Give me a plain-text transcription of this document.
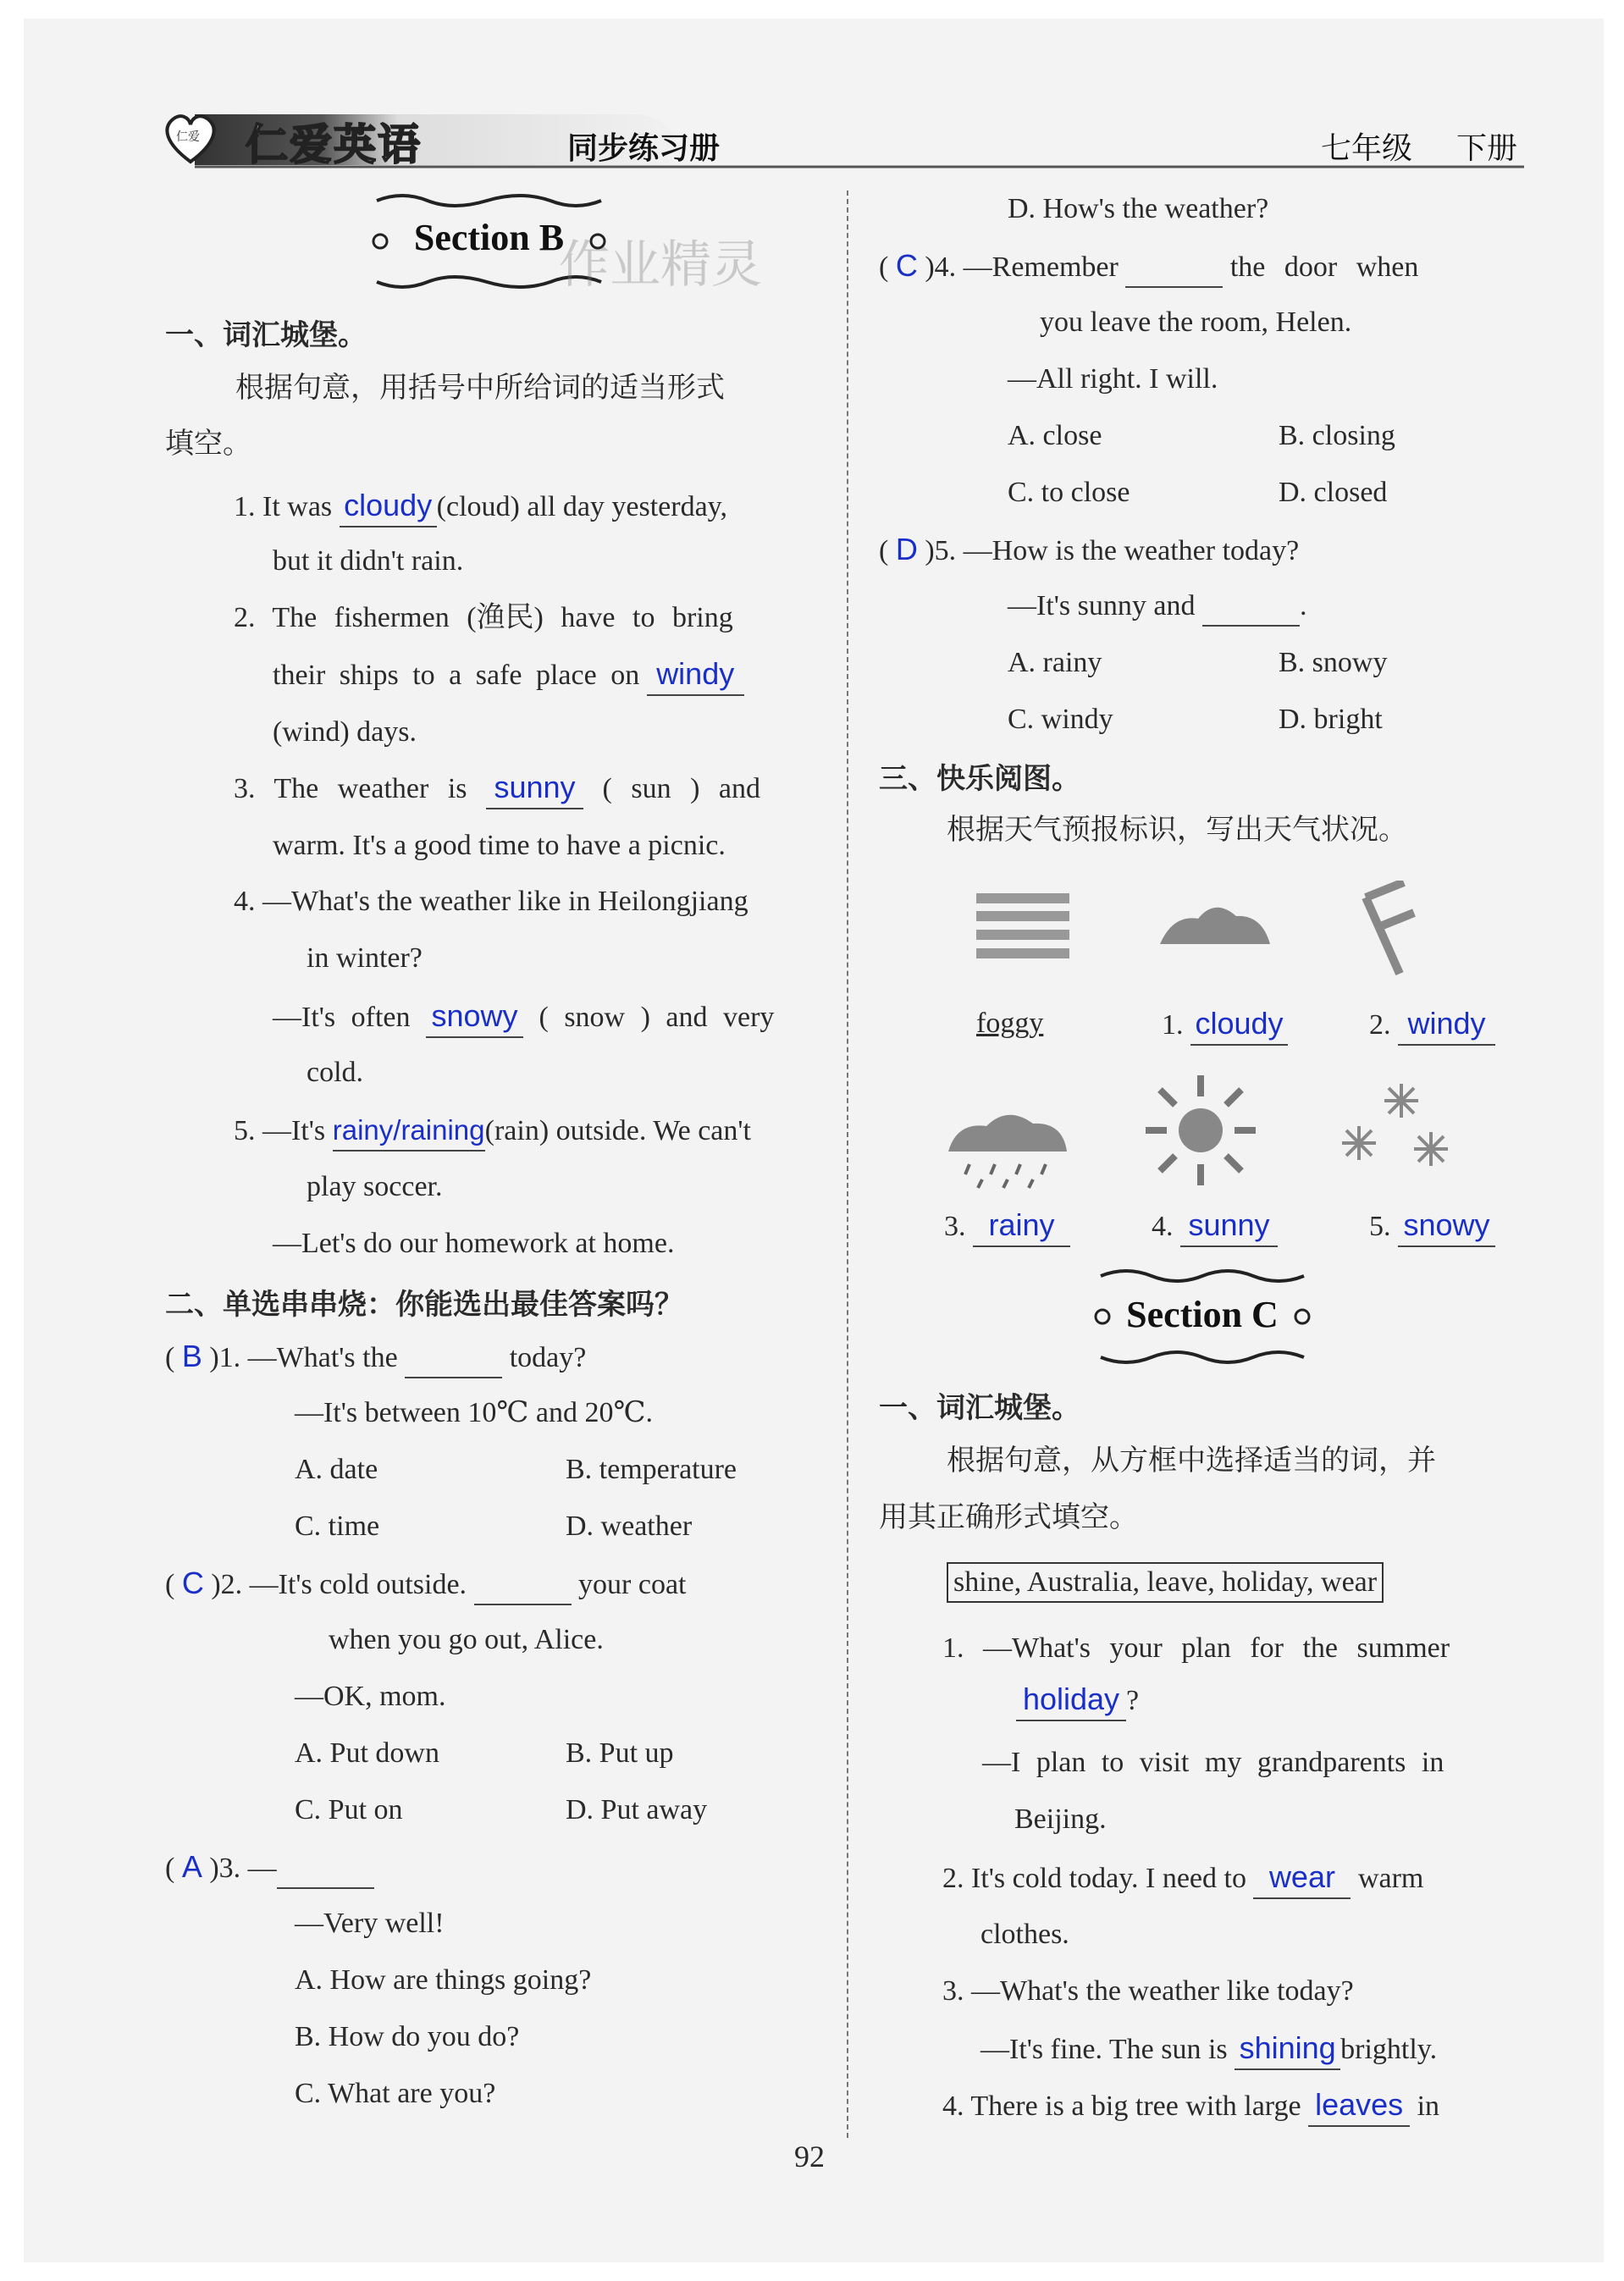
仁爱 仁爱英语	同步练习册	七年级 下册
Section B
作业精灵
一、词汇城堡。
根据句意，用括号中所给词的适当形式
填空。
1. It was cloudy (cloud) all day yesterday,
but it didn't rain.
2. The fishermen (渔民) have to bring
their ships to a safe place on windy
(wind) days.
3. The weather is sunny ( sun ) and
warm. It's a good time to have a picnic.
4. —What's the weather like in Heilongjiang
in winter?
—It's often snowy ( snow ) and very
cold.
5. —It's rainy/raining(rain) outside. We can't
play soccer.
—Let's do our homework at home.
二、单选串串烧：你能选出最佳答案吗？
( B )1. —What's the	today?
—It's between 10℃ and 20℃.
A. date	B. temperature
C. time	D. weather
( C )2. —It's cold outside.	your coat
when you go out, Alice.
—OK, mom.
A. Put down	B. Put up
C. Put on	D. Put away
( A )3. —
—Very well!
A. How are things going?
B. How do you do?
C. What are you?
D. How's the weather?
( C )4. —Remember	the door when
you leave the room, Helen.
—All right. I will.
A. close	B. closing
C. to close	D. closed
( D )5. —How is the weather today?
—It's sunny and	.
A. rainy	B. snowy
C. windy	D. bright
三、快乐阅图。
根据天气预报标识，写出天气状况。
foggy	1. cloudy	2. windy
3. rainy	4. sunny	5. snowy
Section C
一、词汇城堡。
根据句意，从方框中选择适当的词，并
用其正确形式填空。
shine, Australia, leave, holiday, wear
1. —What's your plan for the summer
holiday ?
—I plan to visit my grandparents in
Beijing.
2. It's cold today. I need to wear warm
clothes.
3. —What's the weather like today?
—It's fine. The sun is shining brightly.
4. There is a big tree with large leaves in
92
